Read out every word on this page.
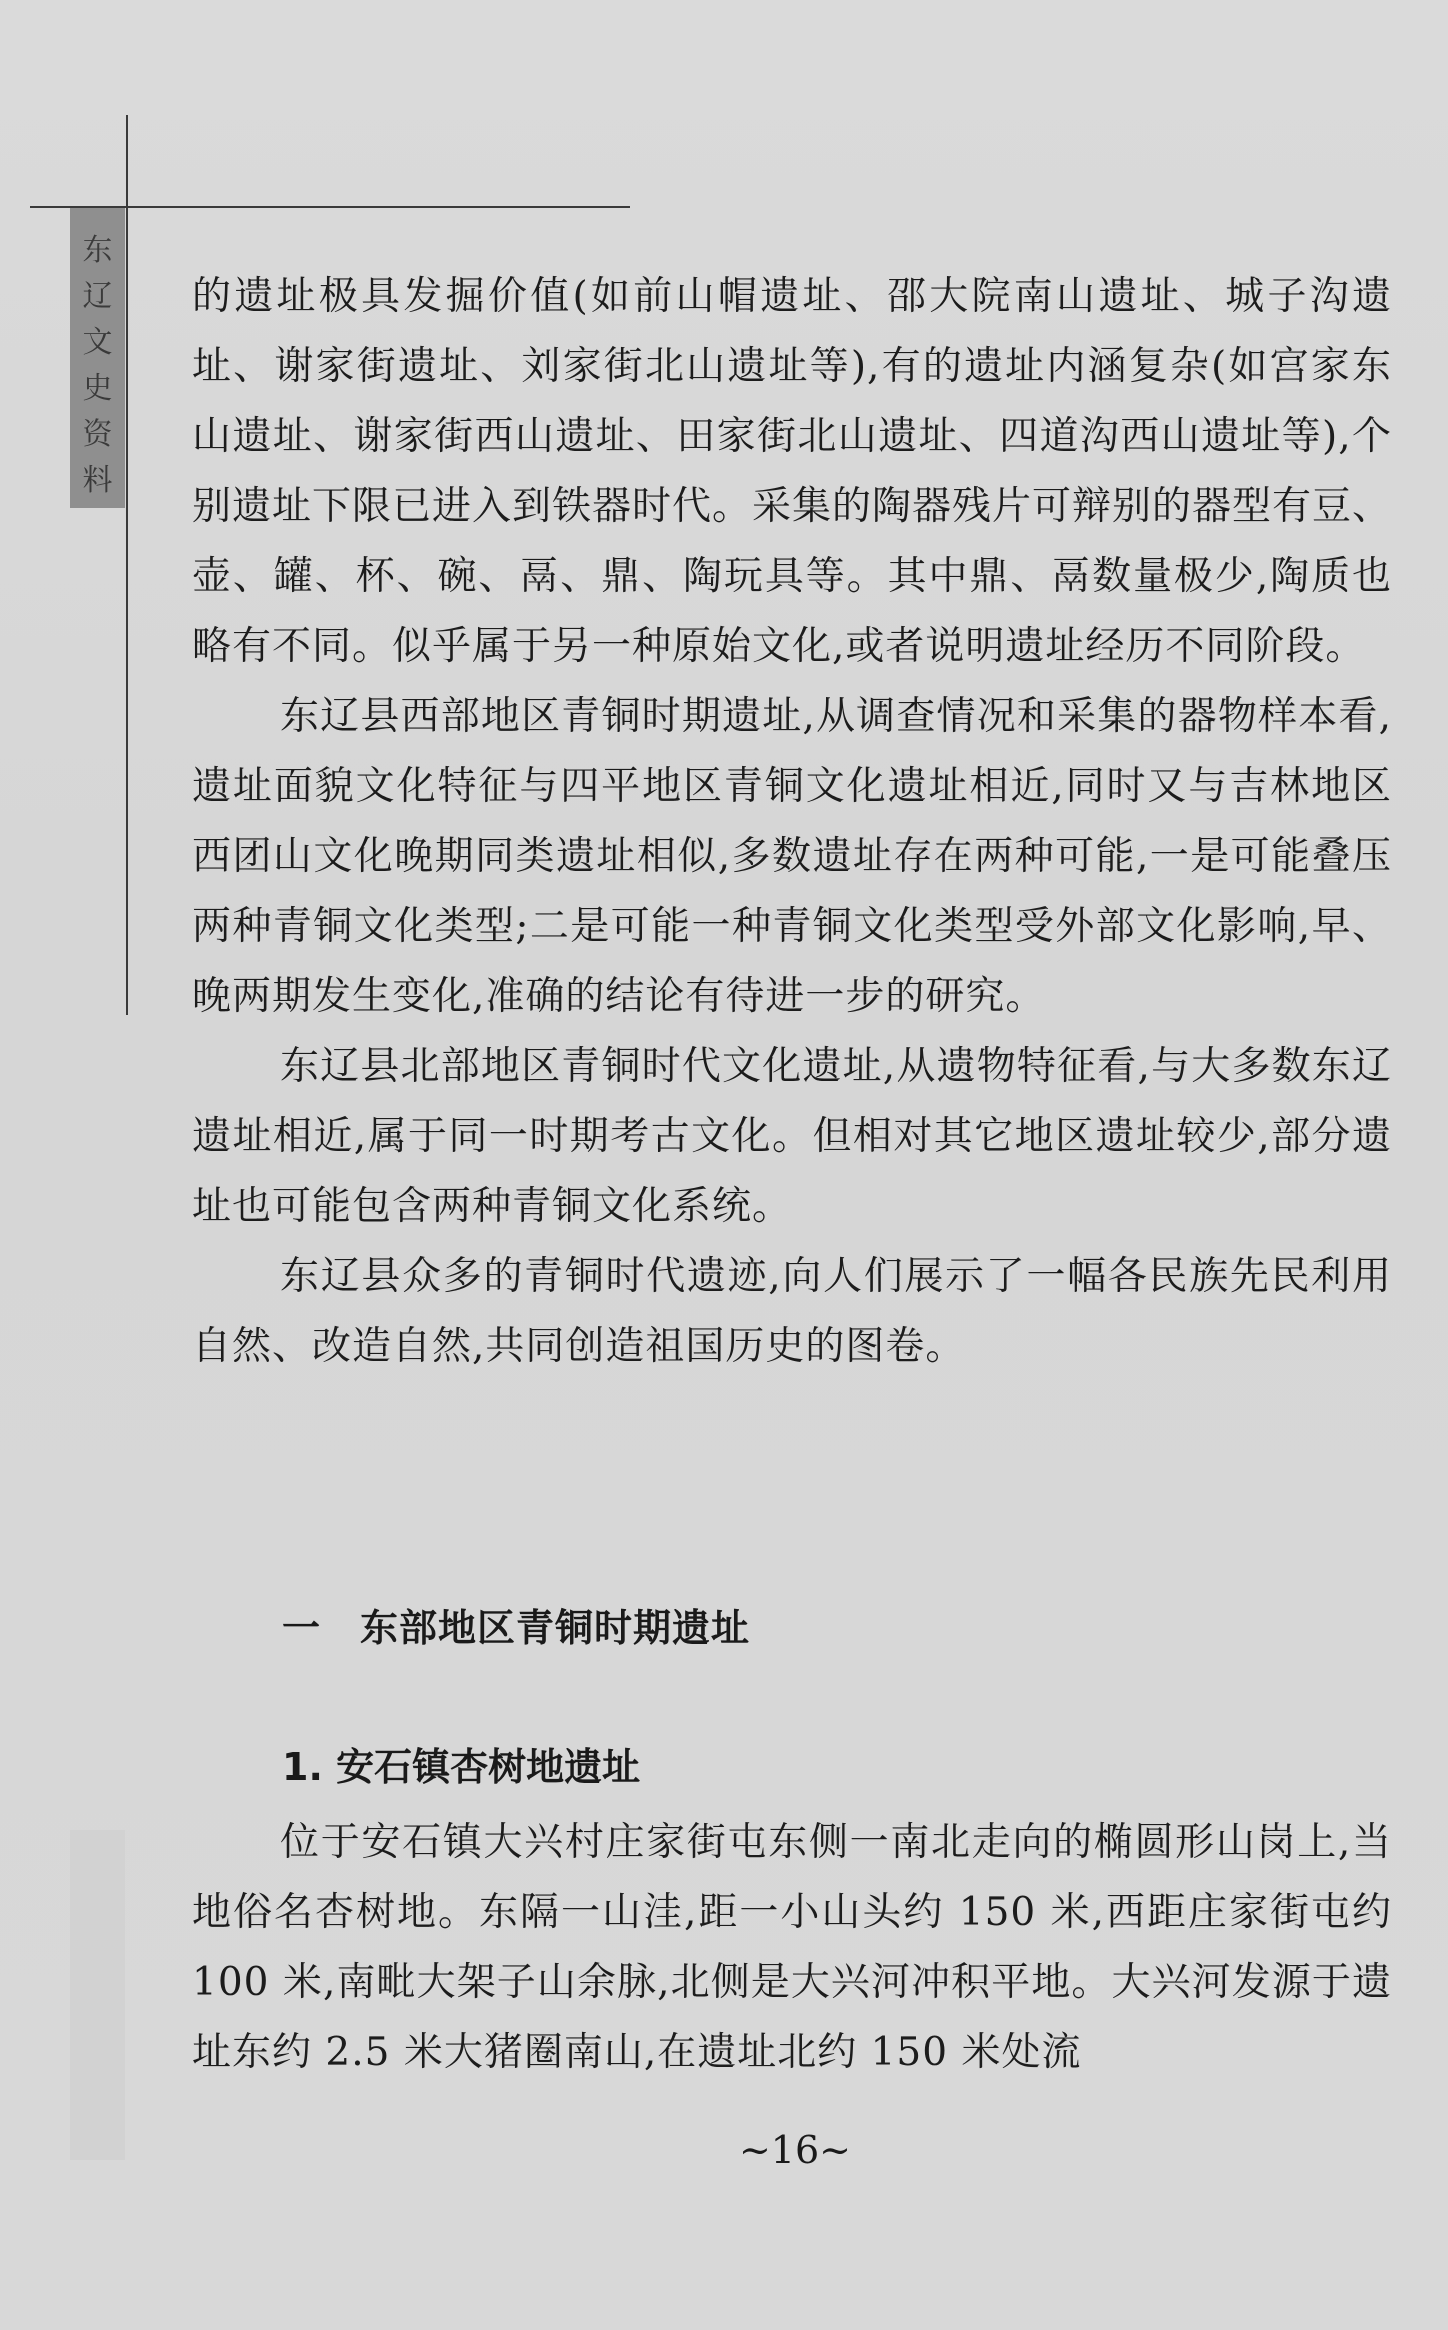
东
辽
文
史
资
料

的遗址极具发掘价值(如前山帽遗址、邵大院南山遗址、城子沟遗址、谢家街遗址、刘家街北山遗址等),有的遗址内涵复杂(如宫家东山遗址、谢家街西山遗址、田家街北山遗址、四道沟西山遗址等),个别遗址下限已进入到铁器时代。采集的陶器残片可辩别的器型有豆、壶、罐、杯、碗、鬲、鼎、陶玩具等。其中鼎、鬲数量极少,陶质也略有不同。似乎属于另一种原始文化,或者说明遗址经历不同阶段。

东辽县西部地区青铜时期遗址,从调查情况和采集的器物样本看,遗址面貌文化特征与四平地区青铜文化遗址相近,同时又与吉林地区西团山文化晚期同类遗址相似,多数遗址存在两种可能,一是可能叠压两种青铜文化类型;二是可能一种青铜文化类型受外部文化影响,早、晚两期发生变化,准确的结论有待进一步的研究。

东辽县北部地区青铜时代文化遗址,从遗物特征看,与大多数东辽遗址相近,属于同一时期考古文化。但相对其它地区遗址较少,部分遗址也可能包含两种青铜文化系统。

东辽县众多的青铜时代遗迹,向人们展示了一幅各民族先民利用自然、改造自然,共同创造祖国历史的图卷。

一　东部地区青铜时期遗址
1. 安石镇杏树地遗址

位于安石镇大兴村庄家街屯东侧一南北走向的椭圆形山岗上,当地俗名杏树地。东隔一山洼,距一小山头约 150 米,西距庄家街屯约 100 米,南毗大架子山余脉,北侧是大兴河冲积平地。大兴河发源于遗址东约 2.5 米大猪圈南山,在遗址北约 150 米处流

~16~
